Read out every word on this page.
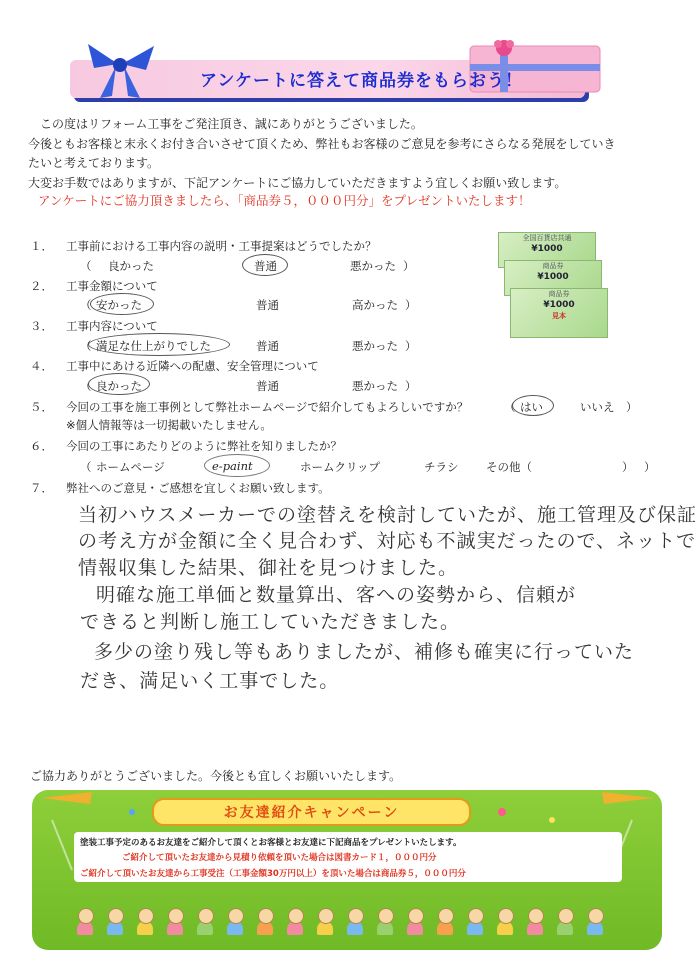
アンケートに答えて商品券をもらおう！
この度はリフォーム工事をご発注頂き、誠にありがとうございました。
今後ともお客様と末永くお付き合いさせて頂くため、弊社もお客様のご意見を参考にさらなる発展をしていき
たいと考えております。
大変お手数ではありますが、下記アンケートにご協力していただきますよう宜しくお願い致します。
アンケートにご協力頂きましたら、「商品券５，０００円分」をプレゼントいたします！
全国百貨店共通
¥1000
商品券
¥1000
商品券
¥1000
見本
１． 工事前における工事内容の説明・工事提案はどうでしたか？
（ 良かった	普通	悪かった ）
２． 工事金額について
（ 安かった	普通	高かった ）
３． 工事内容について
（ 満足な仕上がりでした	普通	悪かった ）
４． 工事中にあける近隣への配慮、安全管理について
（ 良かった	普通	悪かった ）
５． 今回の工事を施工事例として弊社ホームページで紹介してもよろしいですか？	（ はい	いいえ ）
※個人情報等は一切掲載いたしません。
６． 今回の工事にあたりどのように弊社を知りましたか？
（ ホームページ	e-paint	ホームクリップ	チラシ その他（	） ）
７． 弊社へのご意見・ご感想を宜しくお願い致します。
当初ハウスメーカーでの塗替えを検討していたが、施工管理及び保証
の考え方が金額に全く見合わず、対応も不誠実だったので、ネットで
情報収集した結果、御社を見つけました。
明確な施工単価と数量算出、客への姿勢から、信頼が
できると判断し施工していただきました。
多少の塗り残し等もありましたが、補修も確実に行っていた
だき、満足いく工事でした。
ご協力ありがとうございました。今後とも宜しくお願いいたします。
お友達紹介キャンペーン
塗装工事予定のあるお友達をご紹介して頂くとお客様とお友達に下記商品をプレゼントいたします。
ご紹介して頂いたお友達から見積り依頼を頂いた場合は図書カード１，０００円分
ご紹介して頂いたお友達から工事受注（工事金額30万円以上）を頂いた場合は商品券５，０００円分
